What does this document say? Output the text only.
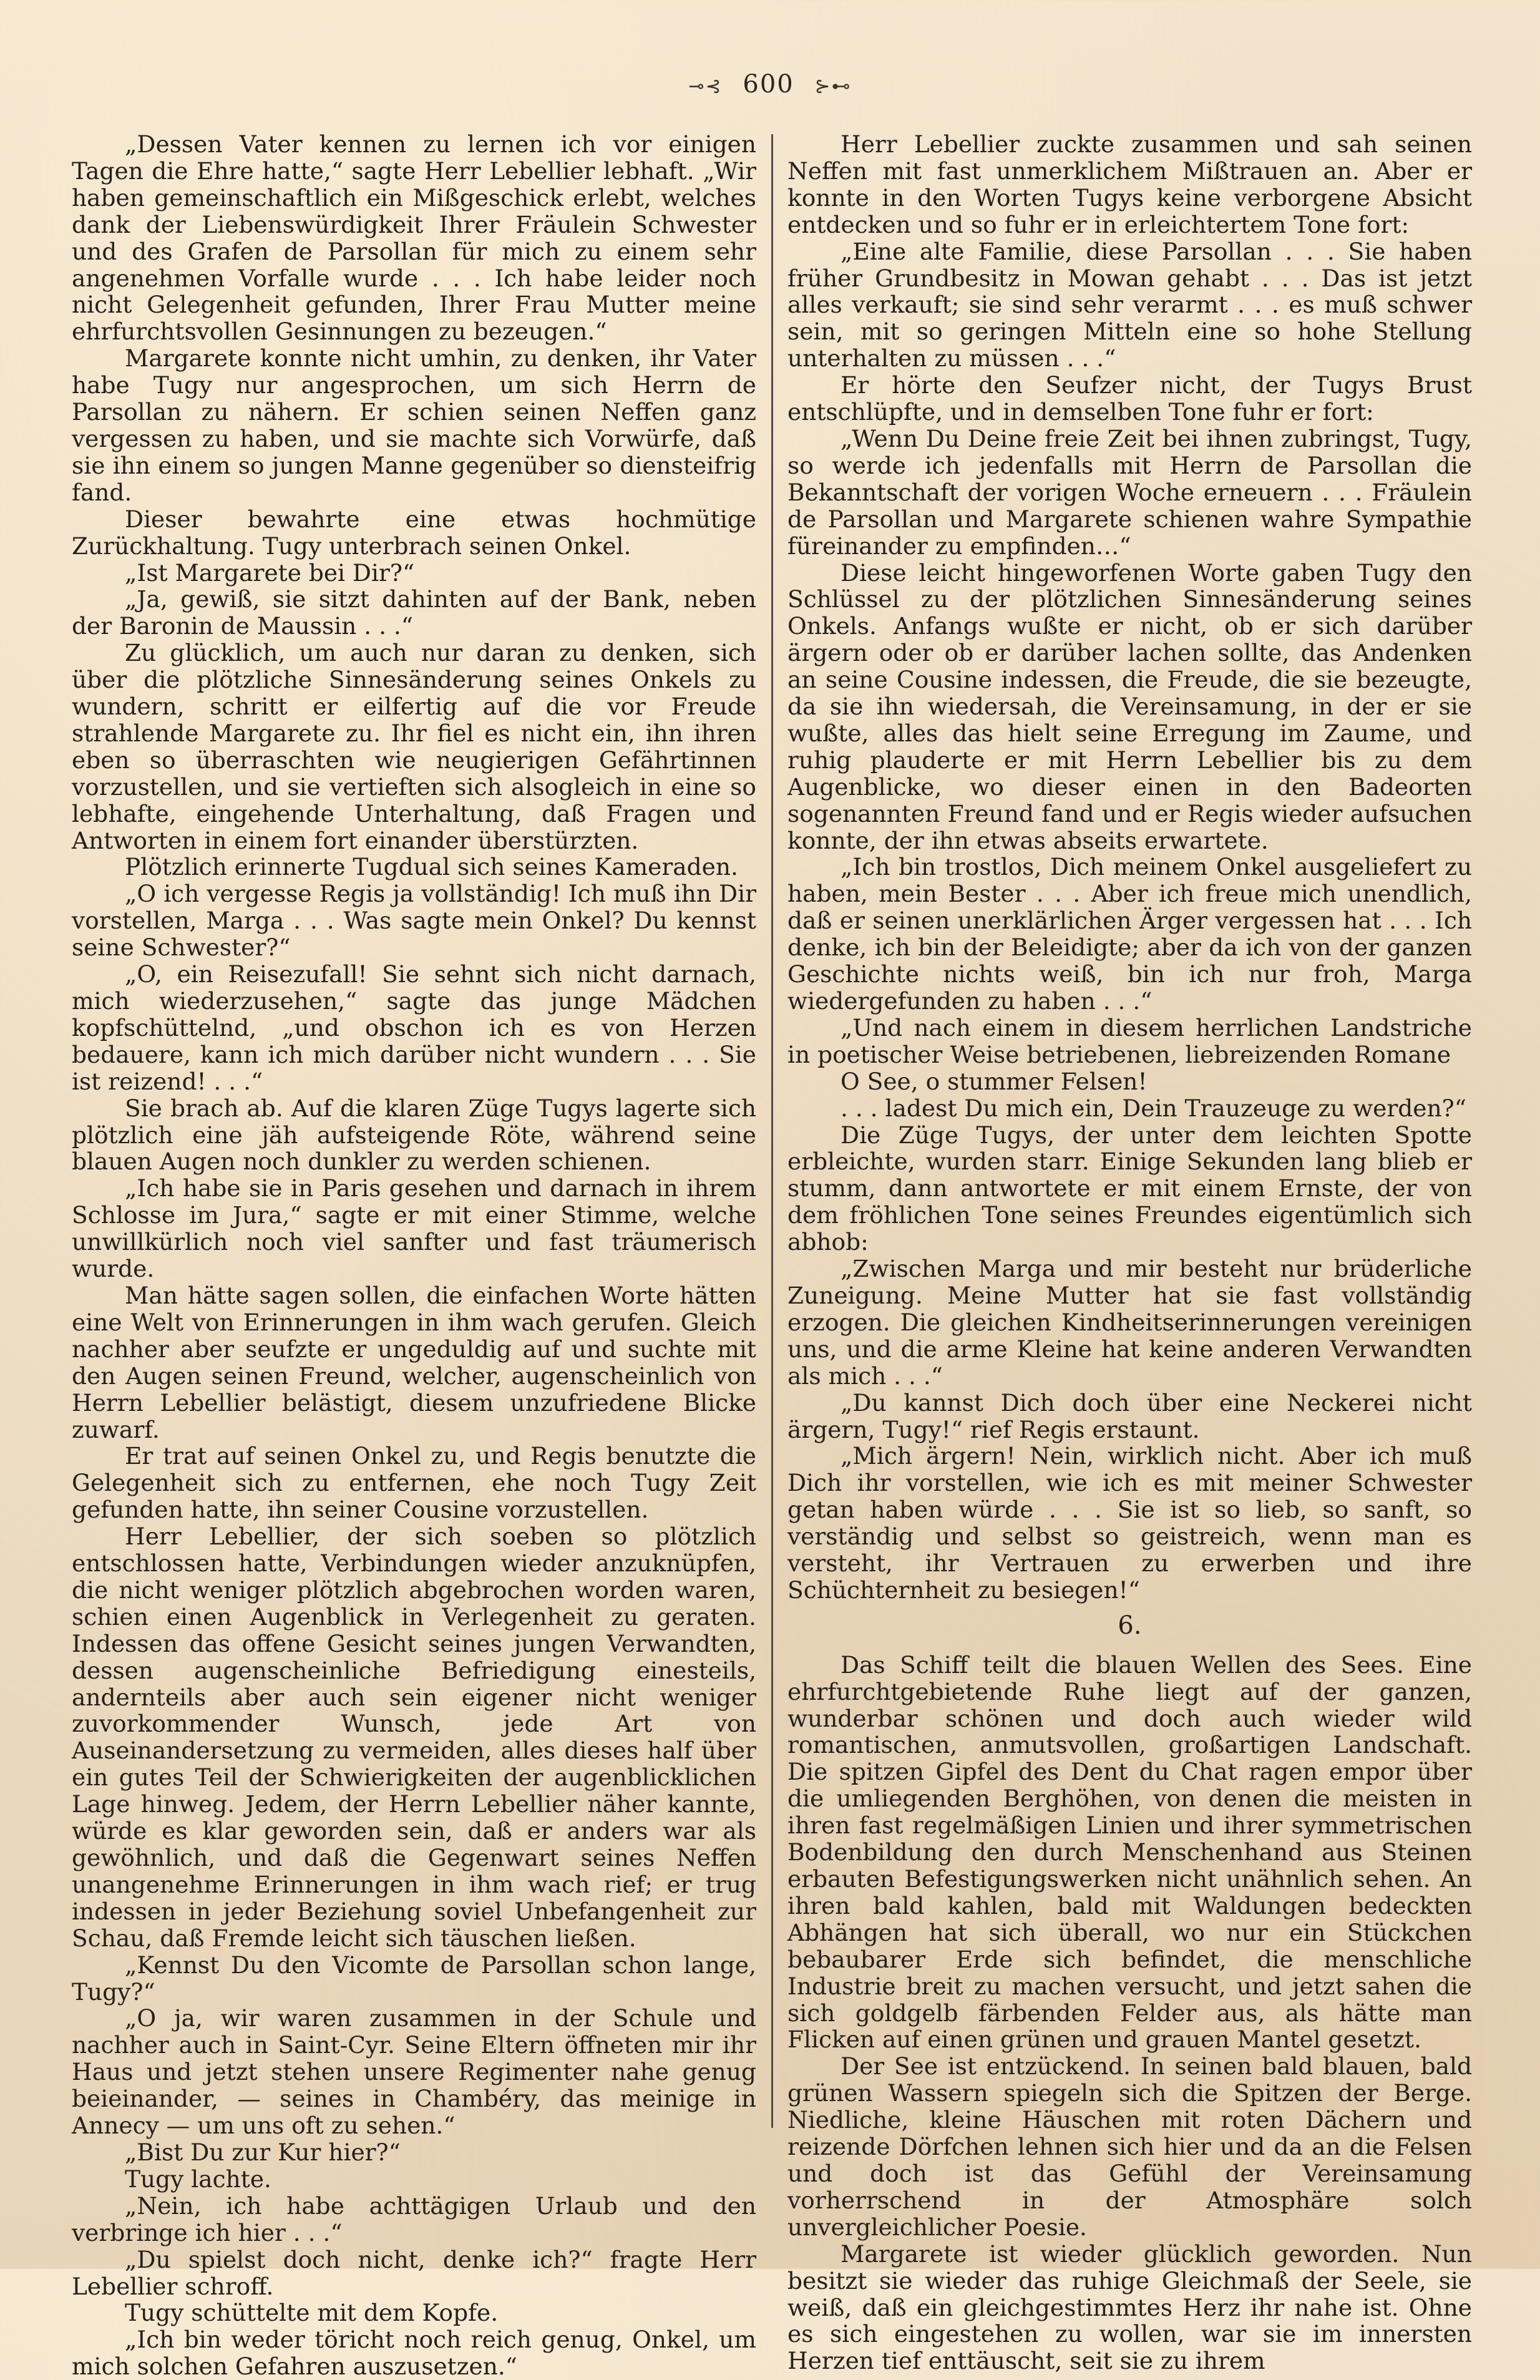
⊸⊰ 600 ⊱⊷

„Dessen Vater kennen zu lernen ich vor einigen Tagen die Ehre hatte,“ sagte Herr Lebellier lebhaft. „Wir haben gemeinschaftlich ein Mißgeschick erlebt, welches dank der Liebenswürdigkeit Ihrer Fräulein Schwester und des Grafen de Parsollan für mich zu einem sehr angenehmen Vorfalle wurde . . . Ich habe leider noch nicht Gelegenheit gefunden, Ihrer Frau Mutter meine ehrfurchtsvollen Gesinnungen zu bezeugen.“

Margarete konnte nicht umhin, zu denken, ihr Vater habe Tugy nur angesprochen, um sich Herrn de Parsollan zu nähern. Er schien seinen Neffen ganz vergessen zu haben, und sie machte sich Vorwürfe, daß sie ihn einem so jungen Manne gegenüber so diensteifrig fand.

Dieser bewahrte eine etwas hochmütige Zurückhaltung. Tugy unterbrach seinen Onkel.

„Ist Margarete bei Dir?“

„Ja, gewiß, sie sitzt dahinten auf der Bank, neben der Baronin de Maussin . . .“

Zu glücklich, um auch nur daran zu denken, sich über die plötzliche Sinnesänderung seines Onkels zu wundern, schritt er eilfertig auf die vor Freude strahlende Margarete zu. Ihr fiel es nicht ein, ihn ihren eben so überraschten wie neugierigen Gefährtinnen vorzustellen, und sie vertieften sich alsogleich in eine so lebhafte, eingehende Unterhaltung, daß Fragen und Antworten in einem fort einander überstürzten.

Plötzlich erinnerte Tugdual sich seines Kameraden.

„O ich vergesse Regis ja vollständig! Ich muß ihn Dir vorstellen, Marga . . . Was sagte mein Onkel? Du kennst seine Schwester?“

„O, ein Reisezufall! Sie sehnt sich nicht darnach, mich wiederzusehen,“ sagte das junge Mädchen kopfschüttelnd, „und obschon ich es von Herzen bedauere, kann ich mich darüber nicht wundern . . . Sie ist reizend! . . .“

Sie brach ab. Auf die klaren Züge Tugys lagerte sich plötzlich eine jäh aufsteigende Röte, während seine blauen Augen noch dunkler zu werden schienen.

„Ich habe sie in Paris gesehen und darnach in ihrem Schlosse im Jura,“ sagte er mit einer Stimme, welche unwillkürlich noch viel sanfter und fast träumerisch wurde.

Man hätte sagen sollen, die einfachen Worte hätten eine Welt von Erinnerungen in ihm wach gerufen. Gleich nachher aber seufzte er ungeduldig auf und suchte mit den Augen seinen Freund, welcher, augenscheinlich von Herrn Lebellier belästigt, diesem unzufriedene Blicke zuwarf.

Er trat auf seinen Onkel zu, und Regis benutzte die Gelegenheit sich zu entfernen, ehe noch Tugy Zeit gefunden hatte, ihn seiner Cousine vorzustellen.

Herr Lebellier, der sich soeben so plötzlich entschlossen hatte, Verbindungen wieder anzuknüpfen, die nicht weniger plötzlich abgebrochen worden waren, schien einen Augenblick in Verlegenheit zu geraten. Indessen das offene Gesicht seines jungen Verwandten, dessen augenscheinliche Befriedigung einesteils, andernteils aber auch sein eigener nicht weniger zuvorkommender Wunsch, jede Art von Auseinandersetzung zu vermeiden, alles dieses half über ein gutes Teil der Schwierigkeiten der augenblicklichen Lage hinweg. Jedem, der Herrn Lebellier näher kannte, würde es klar geworden sein, daß er anders war als gewöhnlich, und daß die Gegenwart seines Neffen unangenehme Erinnerungen in ihm wach rief; er trug indessen in jeder Beziehung soviel Unbefangenheit zur Schau, daß Fremde leicht sich täuschen ließen.

„Kennst Du den Vicomte de Parsollan schon lange, Tugy?“

„O ja, wir waren zusammen in der Schule und nachher auch in Saint-Cyr. Seine Eltern öffneten mir ihr Haus und jetzt stehen unsere Regimenter nahe genug beieinander, — seines in Chambéry, das meinige in Annecy — um uns oft zu sehen.“

„Bist Du zur Kur hier?“

Tugy lachte.

„Nein, ich habe achttägigen Urlaub und den verbringe ich hier . . .“

„Du spielst doch nicht, denke ich?“ fragte Herr Lebellier schroff.

Tugy schüttelte mit dem Kopfe.

„Ich bin weder töricht noch reich genug, Onkel, um mich solchen Gefahren auszusetzen.“

Herr Lebellier zuckte zusammen und sah seinen Neffen mit fast unmerklichem Mißtrauen an. Aber er konnte in den Worten Tugys keine verborgene Absicht entdecken und so fuhr er in erleichtertem Tone fort:

„Eine alte Familie, diese Parsollan . . . Sie haben früher Grundbesitz in Mowan gehabt . . . Das ist jetzt alles verkauft; sie sind sehr verarmt . . . es muß schwer sein, mit so geringen Mitteln eine so hohe Stellung unterhalten zu müssen . . .“

Er hörte den Seufzer nicht, der Tugys Brust entschlüpfte, und in demselben Tone fuhr er fort:

„Wenn Du Deine freie Zeit bei ihnen zubringst, Tugy, so werde ich jedenfalls mit Herrn de Parsollan die Bekanntschaft der vorigen Woche erneuern . . . Fräulein de Parsollan und Margarete schienen wahre Sympathie füreinander zu empfinden…“

Diese leicht hingeworfenen Worte gaben Tugy den Schlüssel zu der plötzlichen Sinnesänderung seines Onkels. Anfangs wußte er nicht, ob er sich darüber ärgern oder ob er darüber lachen sollte, das Andenken an seine Cousine indessen, die Freude, die sie bezeugte, da sie ihn wiedersah, die Vereinsamung, in der er sie wußte, alles das hielt seine Erregung im Zaume, und ruhig plauderte er mit Herrn Lebellier bis zu dem Augenblicke, wo dieser einen in den Badeorten sogenannten Freund fand und er Regis wieder aufsuchen konnte, der ihn etwas abseits erwartete.

„Ich bin trostlos, Dich meinem Onkel ausgeliefert zu haben, mein Bester . . . Aber ich freue mich unendlich, daß er seinen unerklärlichen Ärger vergessen hat . . . Ich denke, ich bin der Beleidigte; aber da ich von der ganzen Geschichte nichts weiß, bin ich nur froh, Marga wiedergefunden zu haben . . .“

„Und nach einem in diesem herrlichen Landstriche in poetischer Weise betriebenen, liebreizenden Romane

O See, o stummer Felsen!

. . . ladest Du mich ein, Dein Trauzeuge zu werden?“

Die Züge Tugys, der unter dem leichten Spotte erbleichte, wurden starr. Einige Sekunden lang blieb er stumm, dann antwortete er mit einem Ernste, der von dem fröhlichen Tone seines Freundes eigentümlich sich abhob:

„Zwischen Marga und mir besteht nur brüderliche Zuneigung. Meine Mutter hat sie fast vollständig erzogen. Die gleichen Kindheitserinnerungen vereinigen uns, und die arme Kleine hat keine anderen Verwandten als mich . . .“

„Du kannst Dich doch über eine Neckerei nicht ärgern, Tugy!“ rief Regis erstaunt.

„Mich ärgern! Nein, wirklich nicht. Aber ich muß Dich ihr vorstellen, wie ich es mit meiner Schwester getan haben würde . . . Sie ist so lieb, so sanft, so verständig und selbst so geistreich, wenn man es versteht, ihr Vertrauen zu erwerben und ihre Schüchternheit zu besiegen!“

6.

Das Schiff teilt die blauen Wellen des Sees. Eine ehrfurchtgebietende Ruhe liegt auf der ganzen, wunderbar schönen und doch auch wieder wild romantischen, anmutsvollen, großartigen Landschaft. Die spitzen Gipfel des Dent du Chat ragen empor über die umliegenden Berghöhen, von denen die meisten in ihren fast regelmäßigen Linien und ihrer symmetrischen Bodenbildung den durch Menschenhand aus Steinen erbauten Befestigungswerken nicht unähnlich sehen. An ihren bald kahlen, bald mit Waldungen bedeckten Abhängen hat sich überall, wo nur ein Stückchen bebaubarer Erde sich befindet, die menschliche Industrie breit zu machen versucht, und jetzt sahen die sich goldgelb färbenden Felder aus, als hätte man Flicken auf einen grünen und grauen Mantel gesetzt.

Der See ist entzückend. In seinen bald blauen, bald grünen Wassern spiegeln sich die Spitzen der Berge. Niedliche, kleine Häuschen mit roten Dächern und reizende Dörfchen lehnen sich hier und da an die Felsen und doch ist das Gefühl der Vereinsamung vorherrschend in der Atmosphäre solch unvergleichlicher Poesie.

Margarete ist wieder glücklich geworden. Nun besitzt sie wieder das ruhige Gleichmaß der Seele, sie weiß, daß ein gleichgestimmtes Herz ihr nahe ist. Ohne es sich eingestehen zu wollen, war sie im innersten Herzen tief enttäuscht, seit sie zu ihrem
